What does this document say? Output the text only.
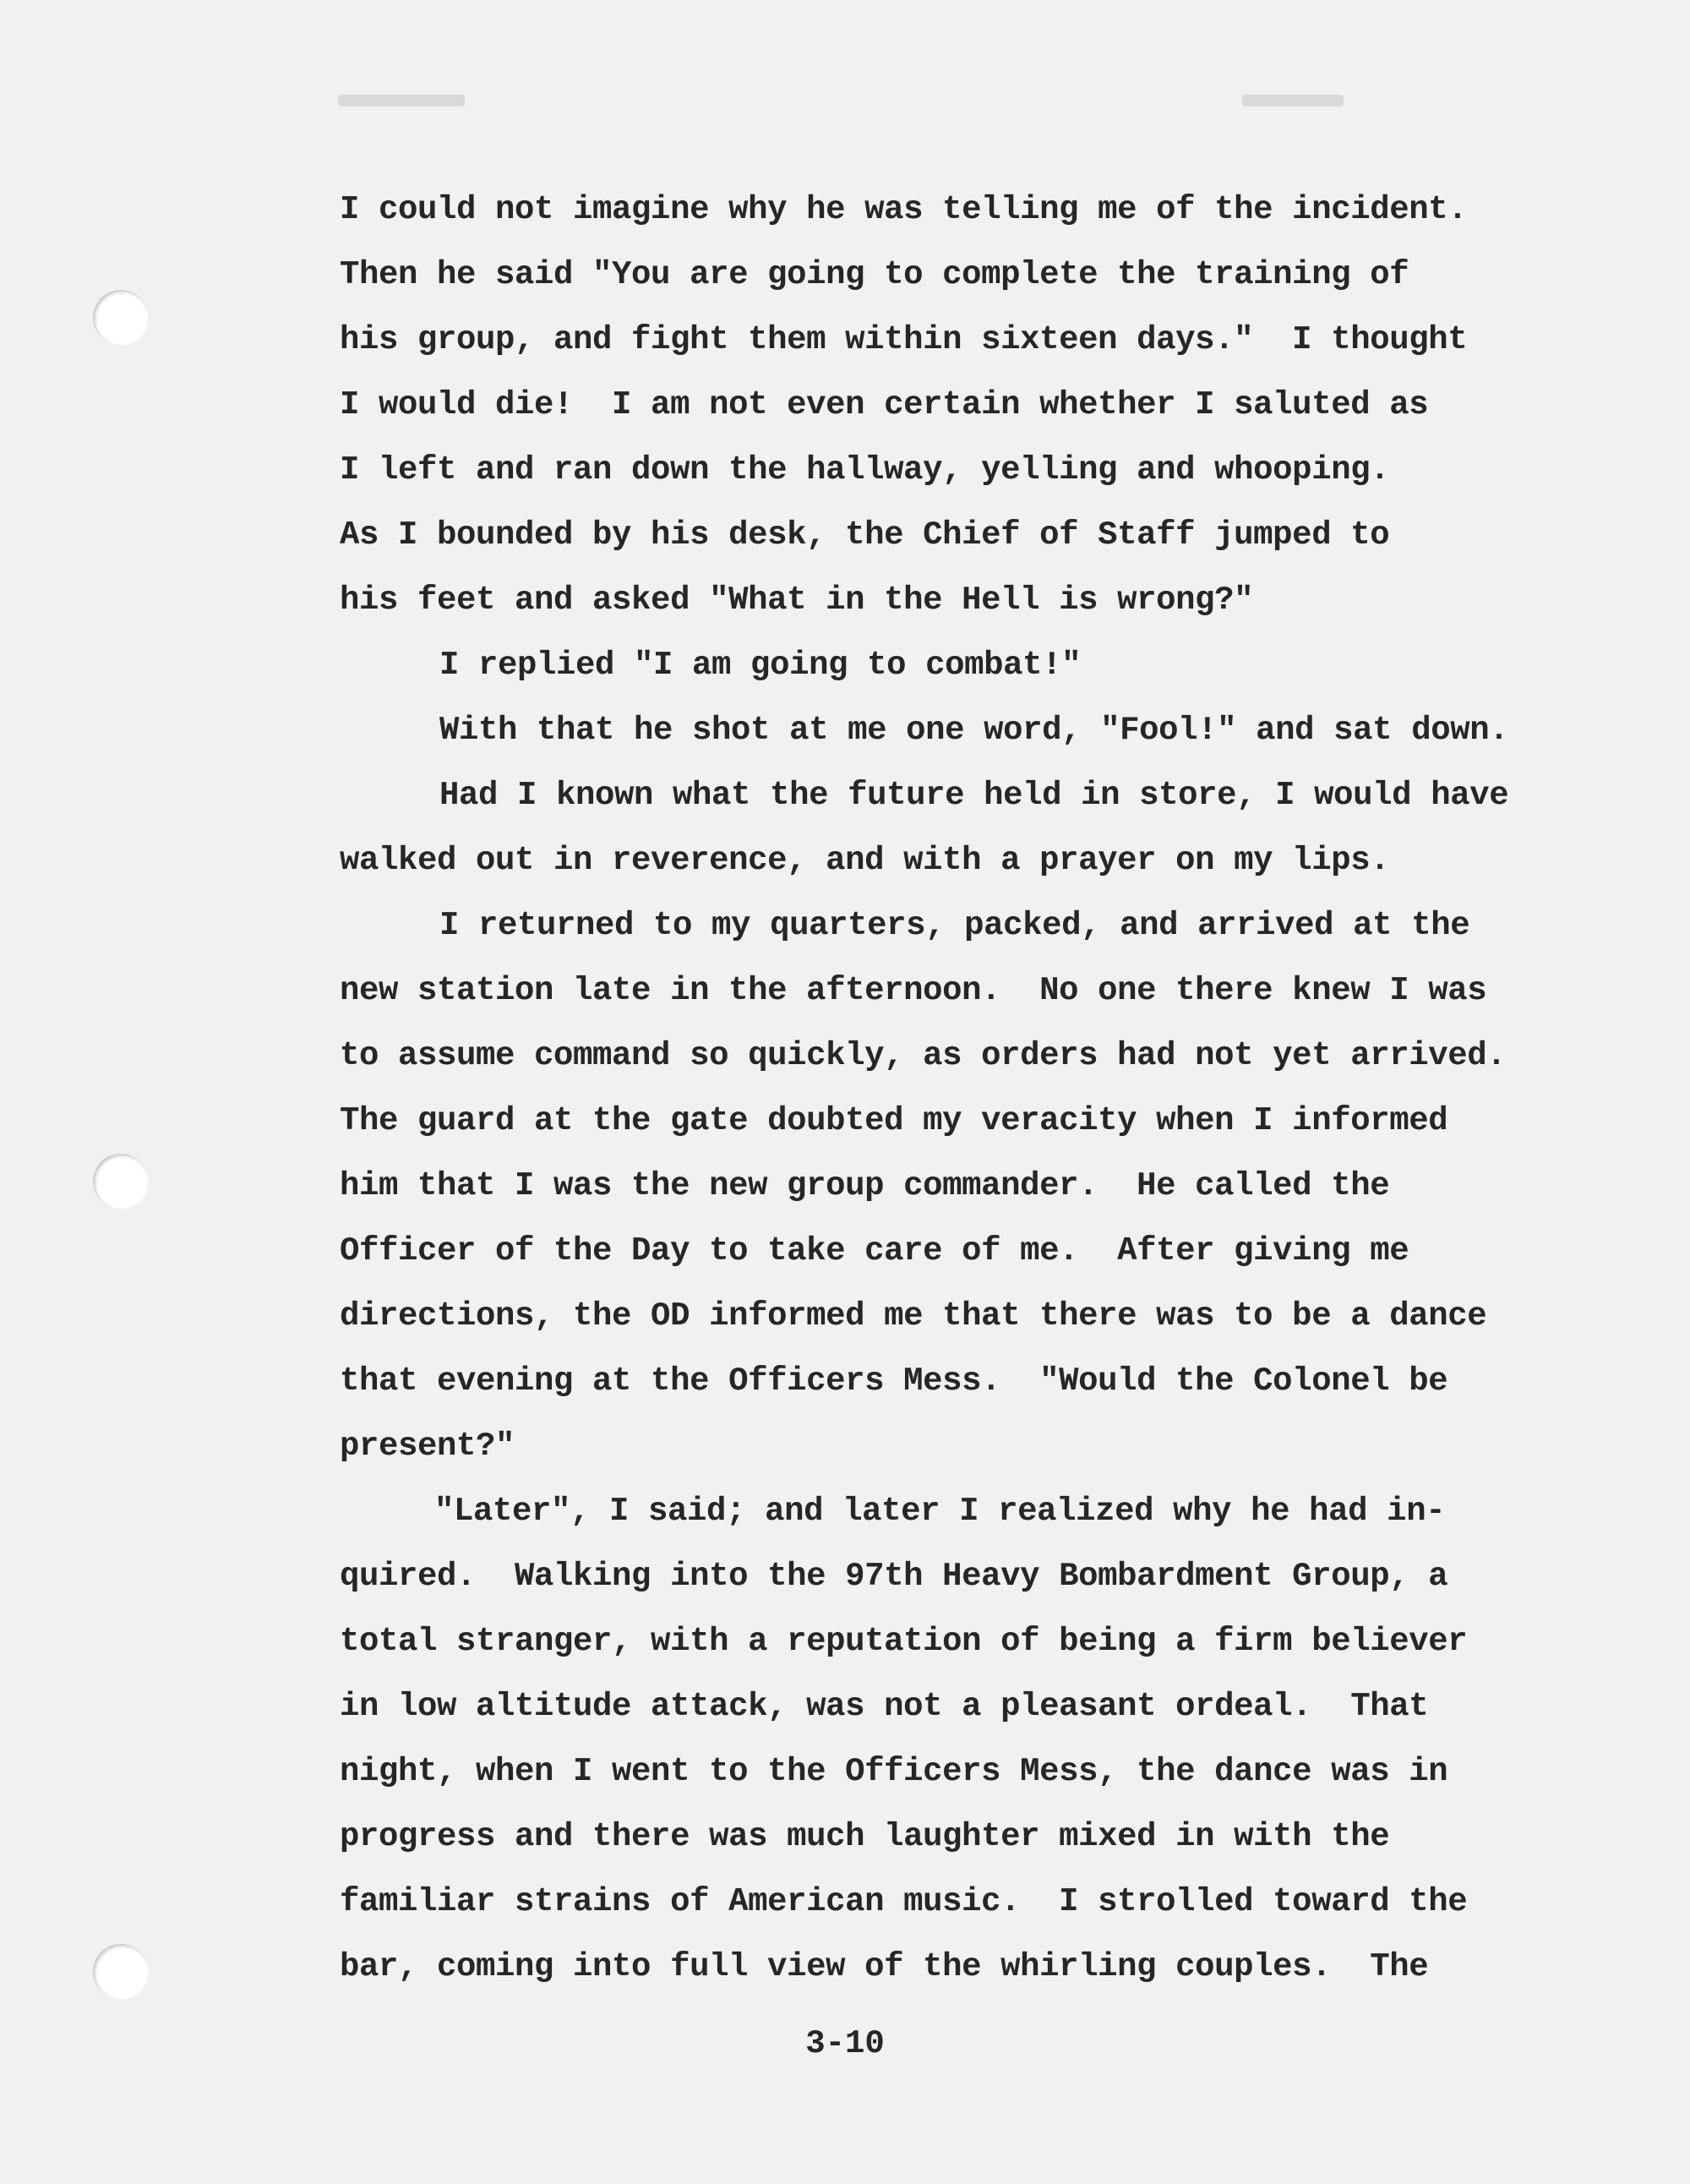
I could not imagine why he was telling me of the incident.
Then he said "You are going to complete the training of
his group, and fight them within sixteen days."  I thought
I would die!  I am not even certain whether I saluted as
I left and ran down the hallway, yelling and whooping.
As I bounded by his desk, the Chief of Staff jumped to
his feet and asked "What in the Hell is wrong?"
I replied "I am going to combat!"
With that he shot at me one word, "Fool!" and sat down.
Had I known what the future held in store, I would have
walked out in reverence, and with a prayer on my lips.
I returned to my quarters, packed, and arrived at the
new station late in the afternoon.  No one there knew I was
to assume command so quickly, as orders had not yet arrived.
The guard at the gate doubted my veracity when I informed
him that I was the new group commander.  He called the
Officer of the Day to take care of me.  After giving me
directions, the OD informed me that there was to be a dance
that evening at the Officers Mess.  "Would the Colonel be
present?"
"Later", I said; and later I realized why he had in-
quired.  Walking into the 97th Heavy Bombardment Group, a
total stranger, with a reputation of being a firm believer
in low altitude attack, was not a pleasant ordeal.  That
night, when I went to the Officers Mess, the dance was in
progress and there was much laughter mixed in with the
familiar strains of American music.  I strolled toward the
bar, coming into full view of the whirling couples.  The
3-10
